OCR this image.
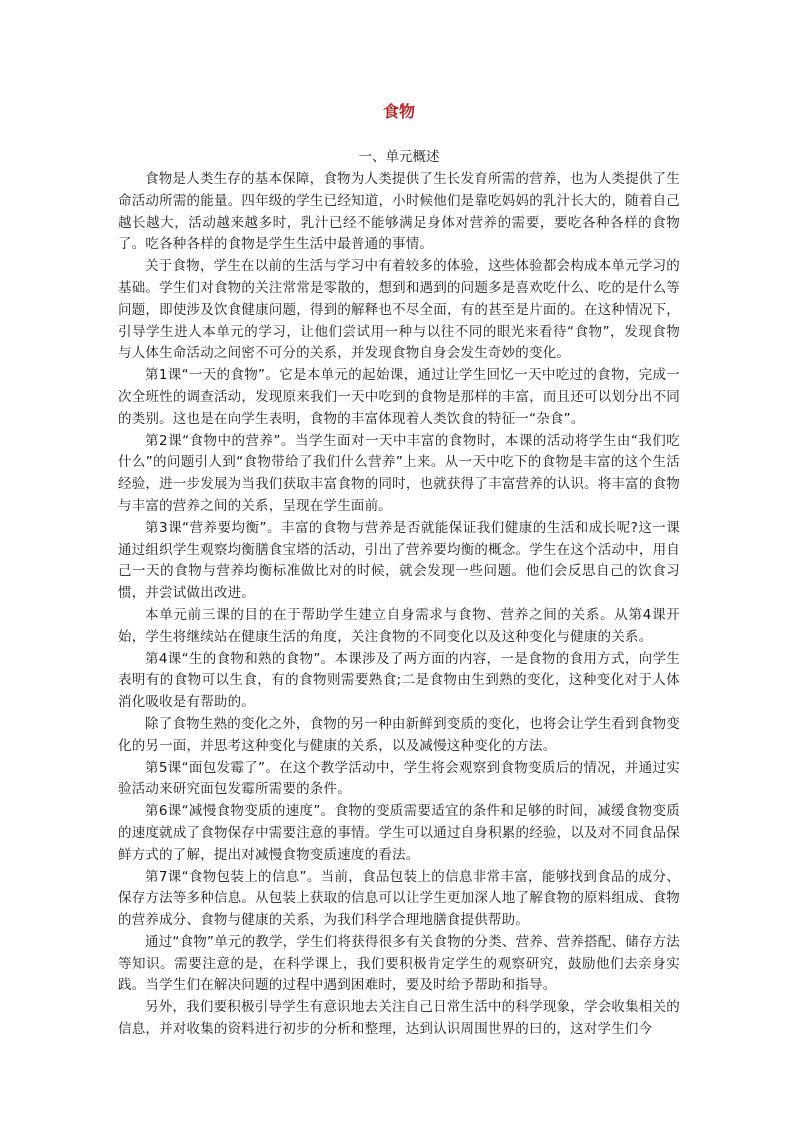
食物
一、单元概述

食物是人类生存的基本保障，食物为人类提供了生长发育所需的营养，也为人类提供了生命活动所需的能量。四年级的学生已经知道，小时候他们是靠吃妈妈的乳汁长大的，随着自己越长越大，活动越来越多时，乳汁已经不能够满足身体对营养的需要，要吃各种各样的食物了。吃各种各样的食物是学生生活中最普通的事情。

关于食物，学生在以前的生活与学习中有着较多的体验，这些体验都会构成本单元学习的基础。学生们对食物的关注常常是零散的，想到和遇到的问题多是喜欢吃什么、吃的是什么等问题，即使涉及饮食健康问题，得到的解释也不尽全面，有的甚至是片面的。在这种情况下，引导学生进人本单元的学习，让他们尝试用一种与以往不同的眼光来看待“食物”，发现食物与人体生命活动之间密不可分的关系，并发现食物自身会发生奇妙的变化。

第1课“一天的食物”。它是本单元的起始课，通过让学生回忆一天中吃过的食物，完成一次全班性的调查活动，发现原来我们一天中吃到的食物是那样的丰富，而且还可以划分出不同的类别。这也是在向学生表明，食物的丰富体现着人类饮食的特征一“杂食”。

第2课“食物中的营养”。当学生面对一天中丰富的食物时，本课的活动将学生由“我们吃什么”的问题引人到“食物带给了我们什么营养”上来。从一天中吃下的食物是丰富的这个生活经验，进一步发展为当我们获取丰富食物的同时，也就获得了丰富营养的认识。将丰富的食物与丰富的营养之间的关系，呈现在学生面前。

第3课“营养要均衡”。丰富的食物与营养是否就能保证我们健康的生活和成长呢?这一课通过组织学生观察均衡膳食宝塔的活动，引出了营养要均衡的概念。学生在这个活动中，用自己一天的食物与营养均衡标准做比对的时候，就会发现一些问题。他们会反思自己的饮食习惯，并尝试做出改进。

本单元前三课的目的在于帮助学生建立自身需求与食物、营养之间的关系。从第4课开始，学生将继续站在健康生活的角度，关注食物的不同变化以及这种变化与健康的关系。

第4课“生的食物和熟的食物”。本课涉及了两方面的内容，一是食物的食用方式，向学生表明有的食物可以生食，有的食物则需要熟食;二是食物由生到熟的变化，这种变化对于人体消化吸收是有帮助的。

除了食物生熟的变化之外，食物的另一种由新鲜到变质的变化，也将会让学生看到食物变化的另一面，并思考这种变化与健康的关系，以及减慢这种变化的方法。

第5课“面包发霉了”。在这个教学活动中，学生将会观察到食物变质后的情况，并通过实验活动来研究面包发霉所需要的条件。

第6课“减慢食物变质的速度”。食物的变质需要适宜的条件和足够的时间，减缓食物变质的速度就成了食物保存中需要注意的事情。学生可以通过自身积累的经验，以及对不同食品保鲜方式的了解，提出对减慢食物变质速度的看法。

第7课“食物包装上的信息”。当前，食品包装上的信息非常丰富，能够找到食品的成分、保存方法等多种信息。从包装上获取的信息可以让学生更加深人地了解食物的原料组成、食物的营养成分、食物与健康的关系，为我们科学合理地膳食提供帮助。

通过“食物”单元的教学，学生们将获得很多有关食物的分类、营养、营养搭配、储存方法等知识。需要注意的是，在科学课上，我们要积极肯定学生的观察研究，鼓励他们去亲身实践。当学生们在解决问题的过程中遇到困难时，要及时给予帮助和指导。

另外，我们要积极引导学生有意识地去关注自己日常生活中的科学现象，学会收集相关的信息，并对收集的资料进行初步的分析和整理，达到认识周围世界的曰的，这对学生们今
